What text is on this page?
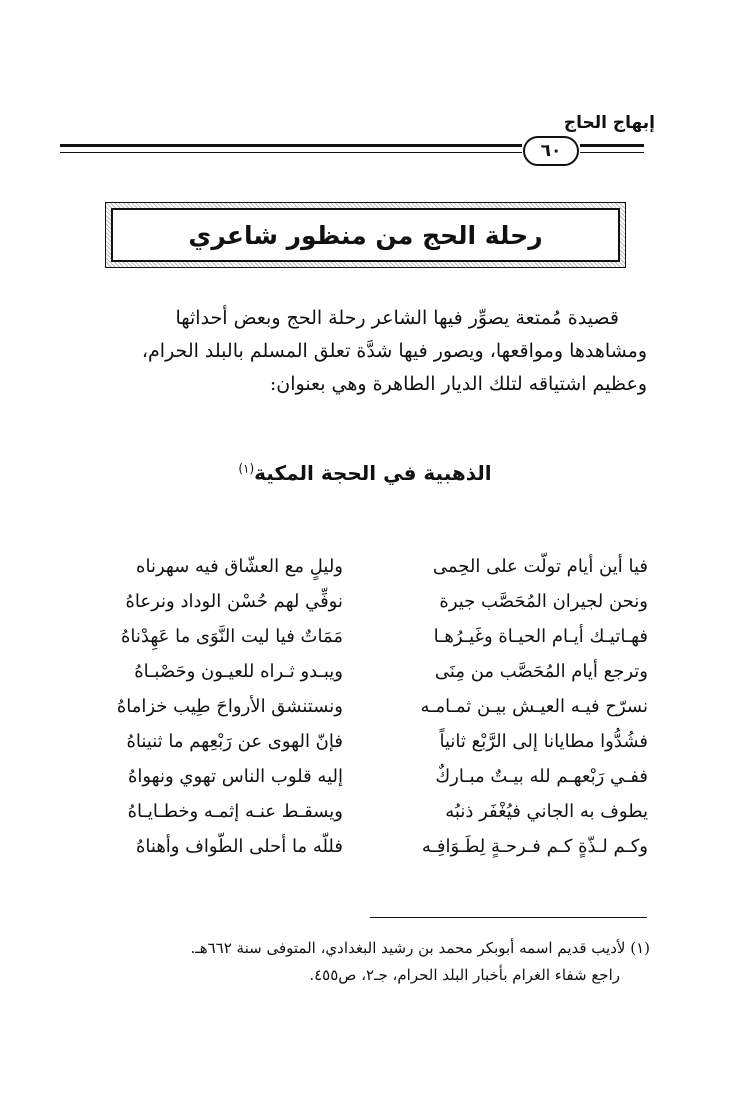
إبهاج الحاج
٦٠
رحلة الحج من منظور شاعري
قصيدة مُمتعة يصوِّر فيها الشاعر رحلة الحج وبعض أحداثها
ومشاهدها ومواقعها، ويصور فيها شدَّة تعلق المسلم بالبلد الحرام،
وعظيم اشتياقه لتلك الديار الطاهرة وهي بعنوان:
الذهبية في الحجة المكية$^{(١)}$
فيا أين أيام تولّت على الحِمى
وليلٍ مع العشّاق فيه سهرناه
ونحن لجيران المُحَصَّب جيرة
نوفِّي لهم حُسْن الوداد ونرعاهُ
فهـاتيـك أيـام الحيـاة وغَيـرُهـا
مَمَاتٌ فيا ليت النَّوَى ما عَهِدْناهُ
وترجع أيام المُحَصَّب من مِنَى
ويبـدو ثـراه للعيـون وحَصْبـاهُ
نسرّح فيـه العيـش بيـن ثمـامـه
ونستنشق الأرواحَ طِيب خزاماهُ
فشُدُّوا مطايانا إلى الرَّبْع ثانياً
فإنّ الهوى عن رَبْعِهم ما ثنيناهُ
ففـي رَبْعهـم لله بيـتٌ مبـاركٌ
إليه قلوب الناس تهوي ونهواهُ
يطوف به الجاني فيُغْفَر ذنبُه
ويسقـط عنـه إثمـه وخطـايـاهُ
وكـم لـذّةٍ كـم فـرحـةٍ لِطَـوَافِـه
فللّه ما أحلى الطّواف وأهناهُ
(١) لأديب قديم اسمه أبوبكر محمد بن رشيد البغدادي، المتوفى سنة ٦٦٢هـ.
راجع شفاء الغرام بأخبار البلد الحرام، جـ٢، ص٤٥٥.
